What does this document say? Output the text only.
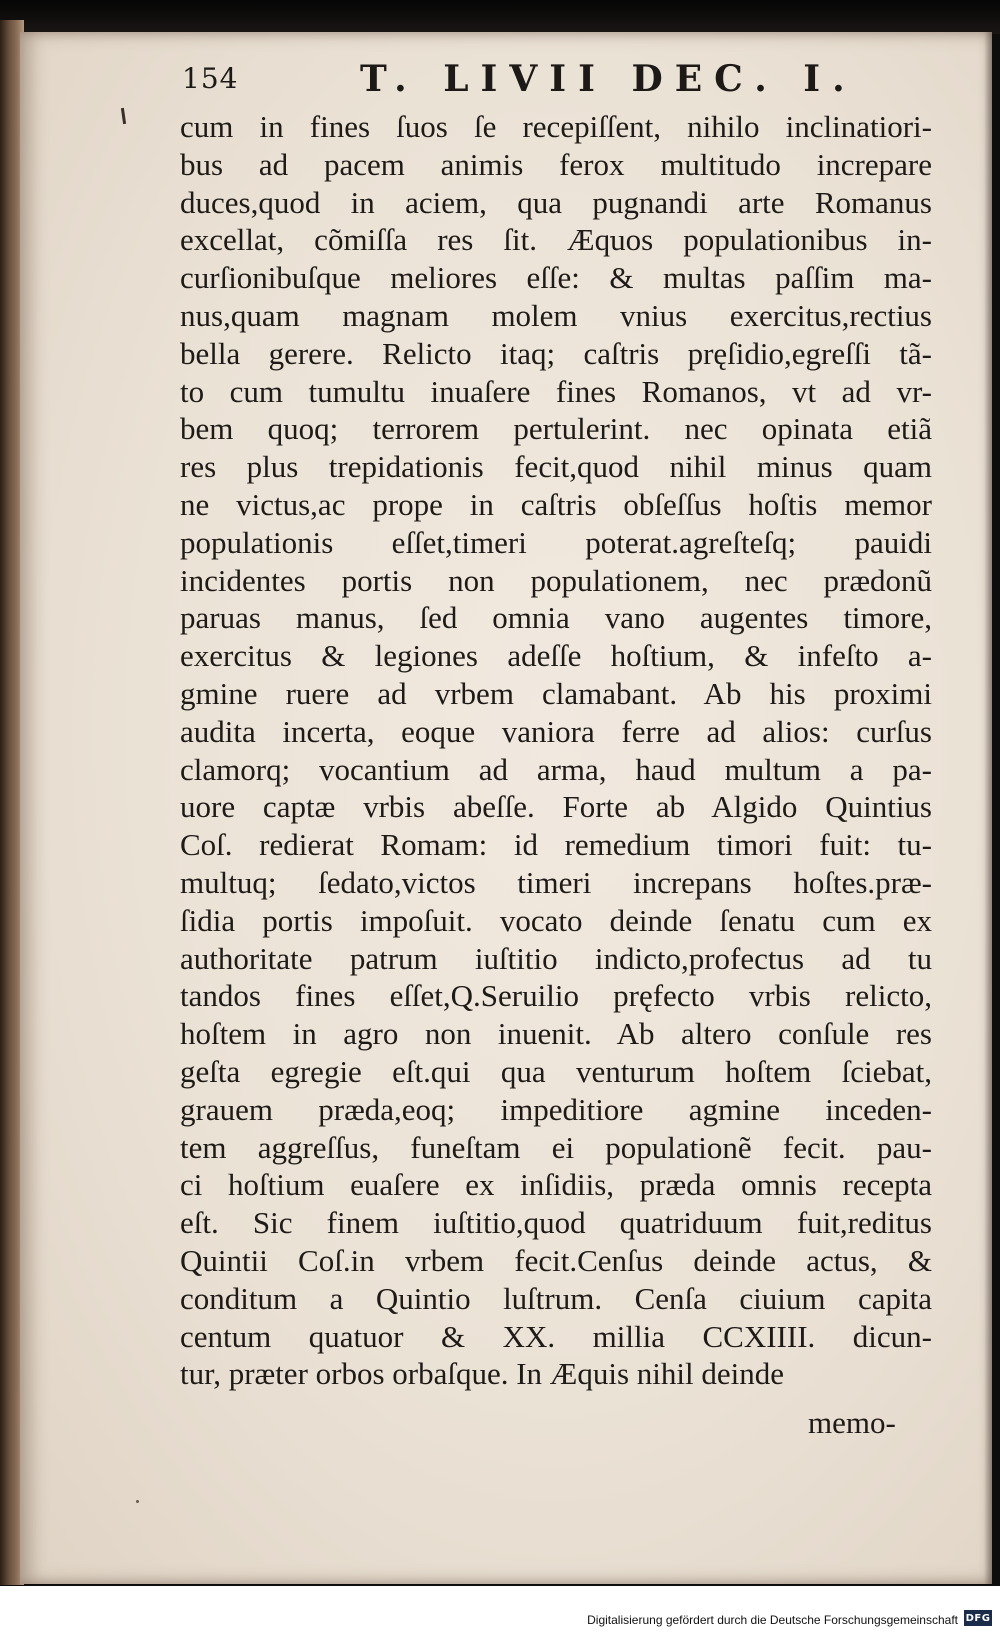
154	T. LIVII DEC. I.
cum in fines ſuos ſe recepiſſent, nihilo inclinatiori-
bus ad pacem animis ferox multitudo increpare
duces,quod in aciem, qua pugnandi arte Romanus
excellat, cõmiſſa res ſit. Æquos populationibus in-
curſionibuſque meliores eſſe: & multas paſſim ma-
nus,quam magnam molem vnius exercitus,rectius
bella gerere. Relicto itaq; caſtris pręſidio,egreſſi tã-
to cum tumultu inuaſere fines Romanos, vt ad vr-
bem quoq; terrorem pertulerint. nec opinata etiã
res plus trepidationis fecit,quod nihil minus quam
ne victus,ac prope in caſtris obſeſſus hoſtis memor
populationis eſſet,timeri poterat.agreſteſq; pauidi
incidentes portis non populationem, nec prædonũ
paruas manus, ſed omnia vano augentes timore,
exercitus & legiones adeſſe hoſtium, & infeſto a-
gmine ruere ad vrbem clamabant. Ab his proximi
audita incerta, eoque vaniora ferre ad alios: curſus
clamorq; vocantium ad arma, haud multum a pa-
uore captæ vrbis abeſſe. Forte ab Algido Quintius
Coſ. redierat Romam: id remedium timori fuit: tu-
multuq; ſedato,victos timeri increpans hoſtes.præ-
ſidia portis impoſuit. vocato deinde ſenatu cum ex
authoritate patrum iuſtitio indicto,profectus ad tu
tandos fines eſſet,Q.Seruilio pręfecto vrbis relicto,
hoſtem in agro non inuenit. Ab altero conſule res
geſta egregie eſt.qui qua venturum hoſtem ſciebat,
grauem præda,eoq; impeditiore agmine inceden-
tem aggreſſus, funeſtam ei populationẽ fecit. pau-
ci hoſtium euaſere ex inſidiis, præda omnis recepta
eſt. Sic finem iuſtitio,quod quatriduum fuit,reditus
Quintii Coſ.in vrbem fecit.Cenſus deinde actus, &
conditum a Quintio luſtrum. Cenſa ciuium capita
centum quatuor & XX. millia CCXIIII. dicun-
tur, præter orbos orbaſque. In Æquis nihil deinde
memo-
Digitalisierung gefördert durch die Deutsche Forschungsgemeinschaft DFG
